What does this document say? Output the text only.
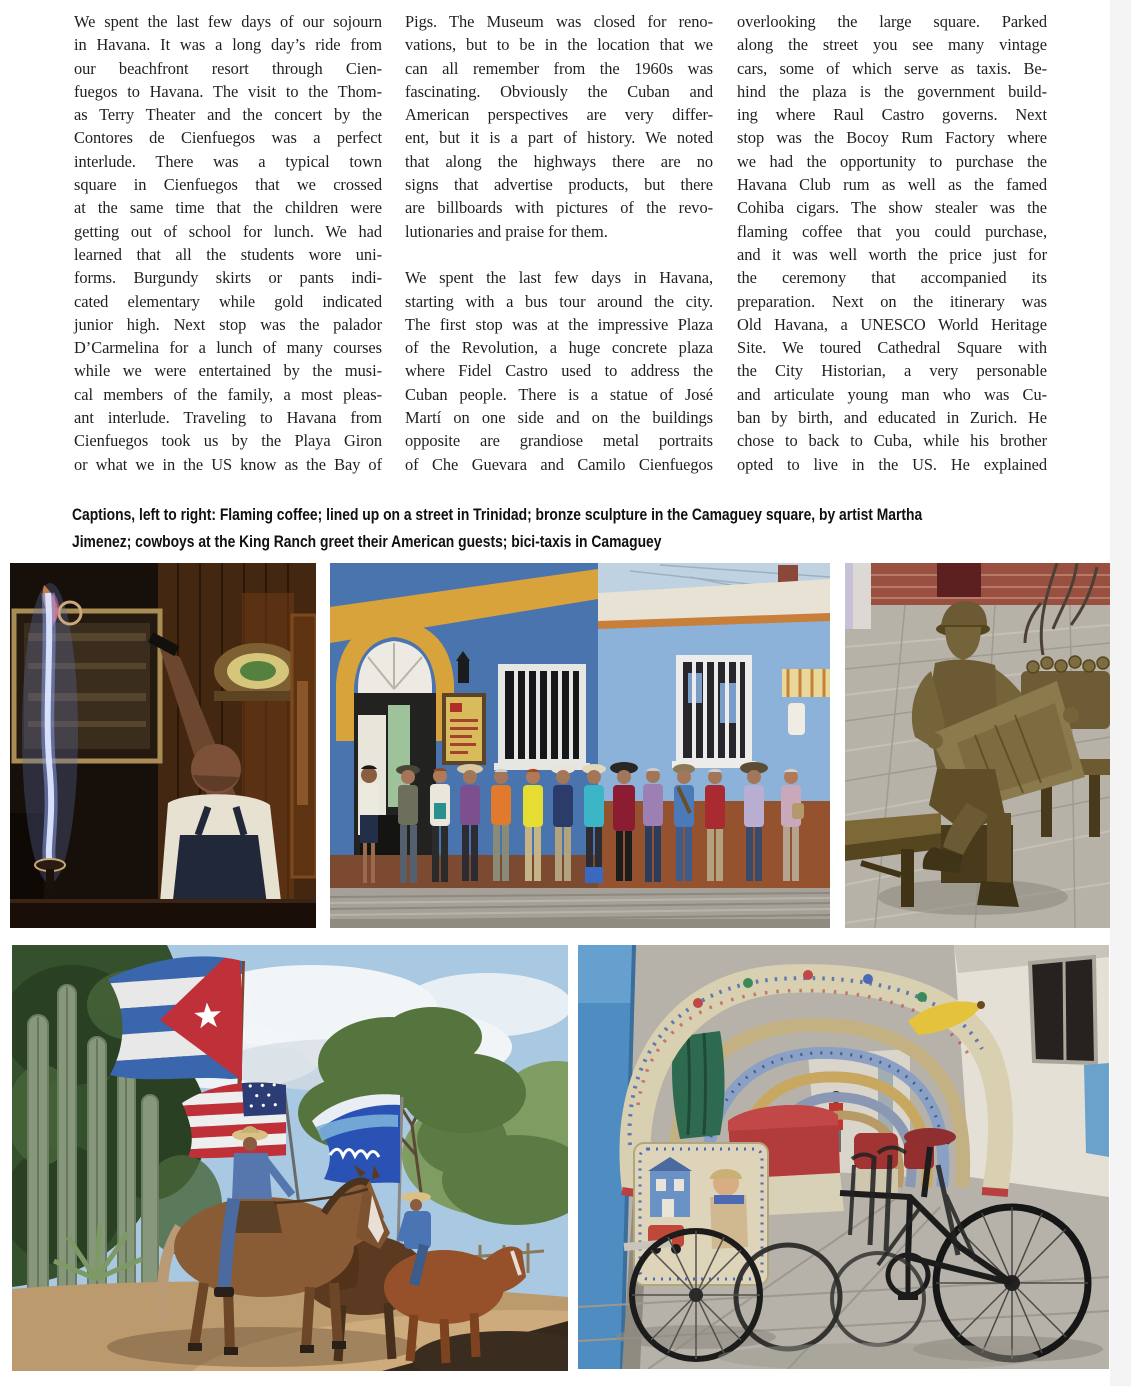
We spent the last few days of our sojourn
in Havana. It was a long day’s ride from
our beachfront resort through Cien-
fuegos to Havana. The visit to the Thom-
as Terry Theater and the concert by the
Contores de Cienfuegos was a perfect
interlude. There was a typical town
square in Cienfuegos that we crossed
at the same time that the children were
getting out of school for lunch. We had
learned that all the students wore uni-
forms. Burgundy skirts or pants indi-
cated elementary while gold indicated
junior high. Next stop was the palador
D’Carmelina for a lunch of many courses
while we were entertained by the musi-
cal members of the family, a most pleas-
ant interlude. Traveling to Havana from
Cienfuegos took us by the Playa Giron
or what we in the US know as the Bay of
Pigs. The Museum was closed for reno-
vations, but to be in the location that we
can all remember from the 1960s was
fascinating. Obviously the Cuban and
American perspectives are very differ-
ent, but it is a part of history. We noted
that along the highways there are no
signs that advertise products, but there
are billboards with pictures of the revo-
lutionaries and praise for them.
We spent the last few days in Havana,
starting with a bus tour around the city.
The first stop was at the impressive Plaza
of the Revolution, a huge concrete plaza
where Fidel Castro used to address the
Cuban people. There is a statue of José
Martí on one side and on the buildings
opposite are grandiose metal portraits
of Che Guevara and Camilo Cienfuegos
overlooking the large square. Parked
along the street you see many vintage
cars, some of which serve as taxis. Be-
hind the plaza is the government build-
ing where Raul Castro governs. Next
stop was the Bocoy Rum Factory where
we had the opportunity to purchase the
Havana Club rum as well as the famed
Cohiba cigars. The show stealer was the
flaming coffee that you could purchase,
and it was well worth the price just for
the ceremony that accompanied its
preparation. Next on the itinerary was
Old Havana, a UNESCO World Heritage
Site. We toured Cathedral Square with
the City Historian, a very personable
and articulate young man who was Cu-
ban by birth, and educated in Zurich. He
chose to back to Cuba, while his brother
opted to live in the US. He explained
Captions, left to right: Flaming coffee; lined up on a street in Trinidad; bronze sculpture in the Camaguey square, by artist Martha
Jimenez; cowboys at the King Ranch greet their American guests; bici-taxis in Camaguey
